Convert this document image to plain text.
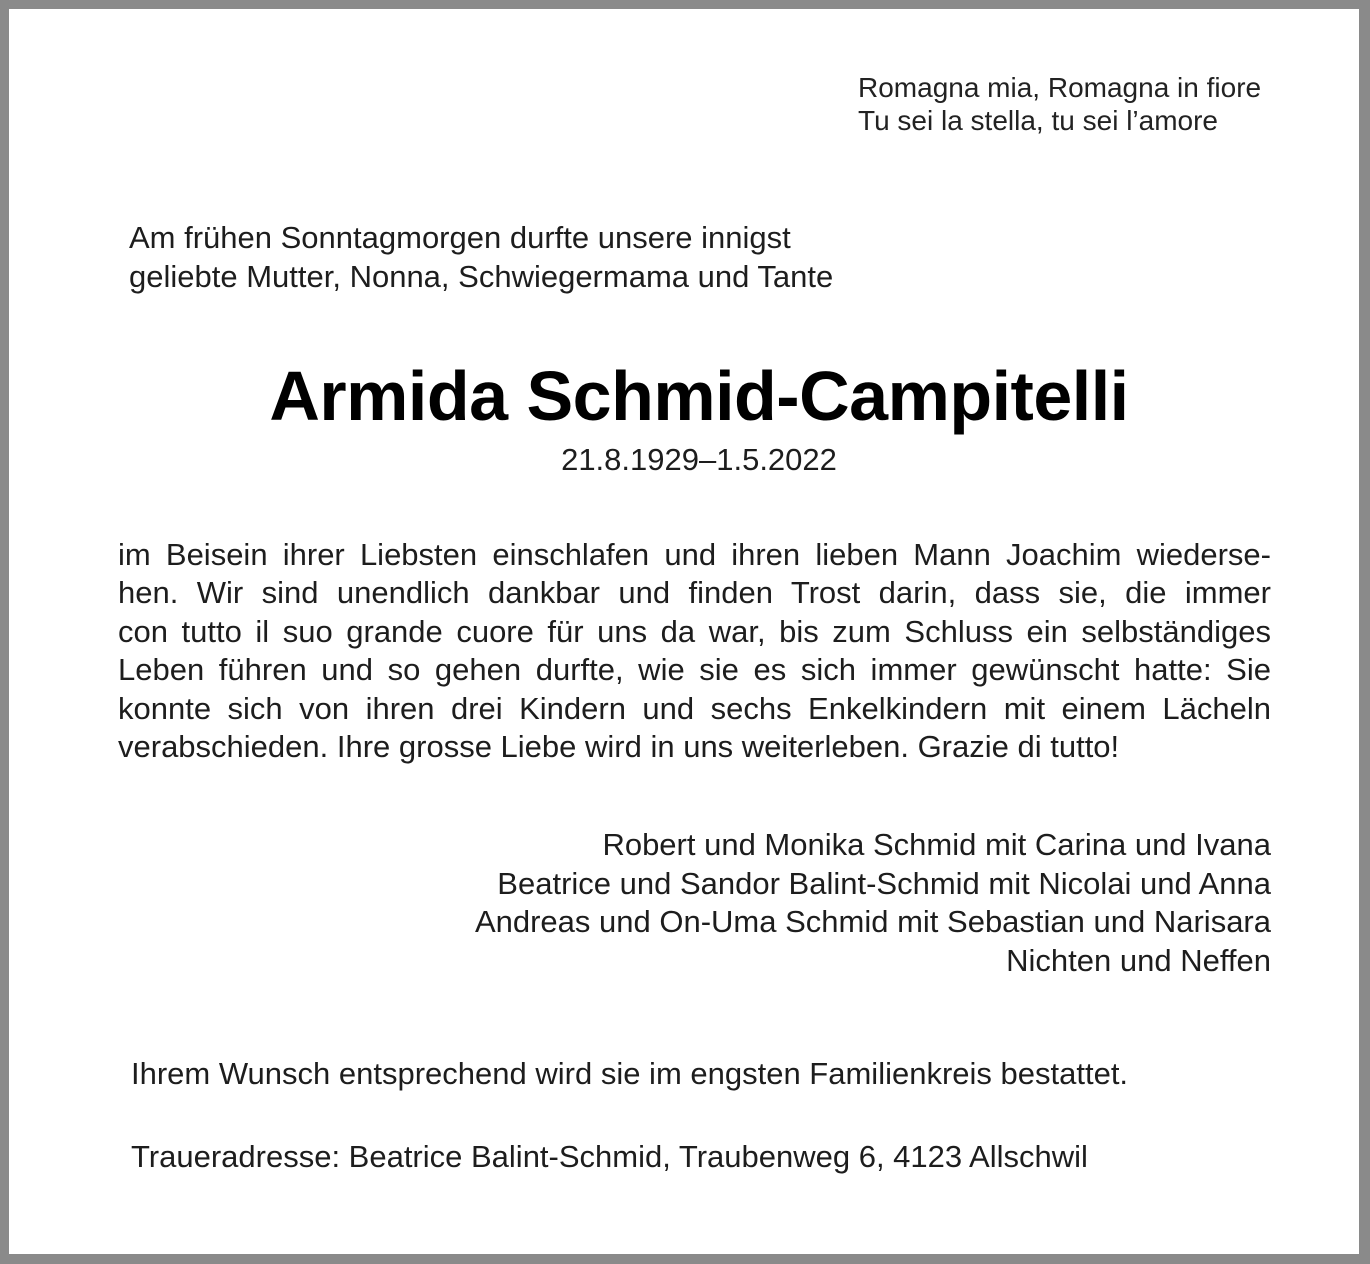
Romagna mia, Romagna in fiore
Tu sei la stella, tu sei l’amore
Am frühen Sonntagmorgen durfte unsere innigst
geliebte Mutter, Nonna, Schwiegermama und Tante
Armida Schmid-Campitelli
21.8.1929–1.5.2022
im Beisein ihrer Liebsten einschlafen und ihren lieben Mann Joachim wiederse-
hen. Wir sind unendlich dankbar und finden Trost darin, dass sie, die immer
con tutto il suo grande cuore für uns da war, bis zum Schluss ein selbständiges
Leben führen und so gehen durfte, wie sie es sich immer gewünscht hatte: Sie
konnte sich von ihren drei Kindern und sechs Enkelkindern mit einem Lächeln
verabschieden. Ihre grosse Liebe wird in uns weiterleben. Grazie di tutto!
Robert und Monika Schmid mit Carina und Ivana
Beatrice und Sandor Balint-Schmid mit Nicolai und Anna
Andreas und On-Uma Schmid mit Sebastian und Narisara
Nichten und Neffen
Ihrem Wunsch entsprechend wird sie im engsten Familienkreis bestattet.
Traueradresse: Beatrice Balint-Schmid, Traubenweg 6, 4123 Allschwil
